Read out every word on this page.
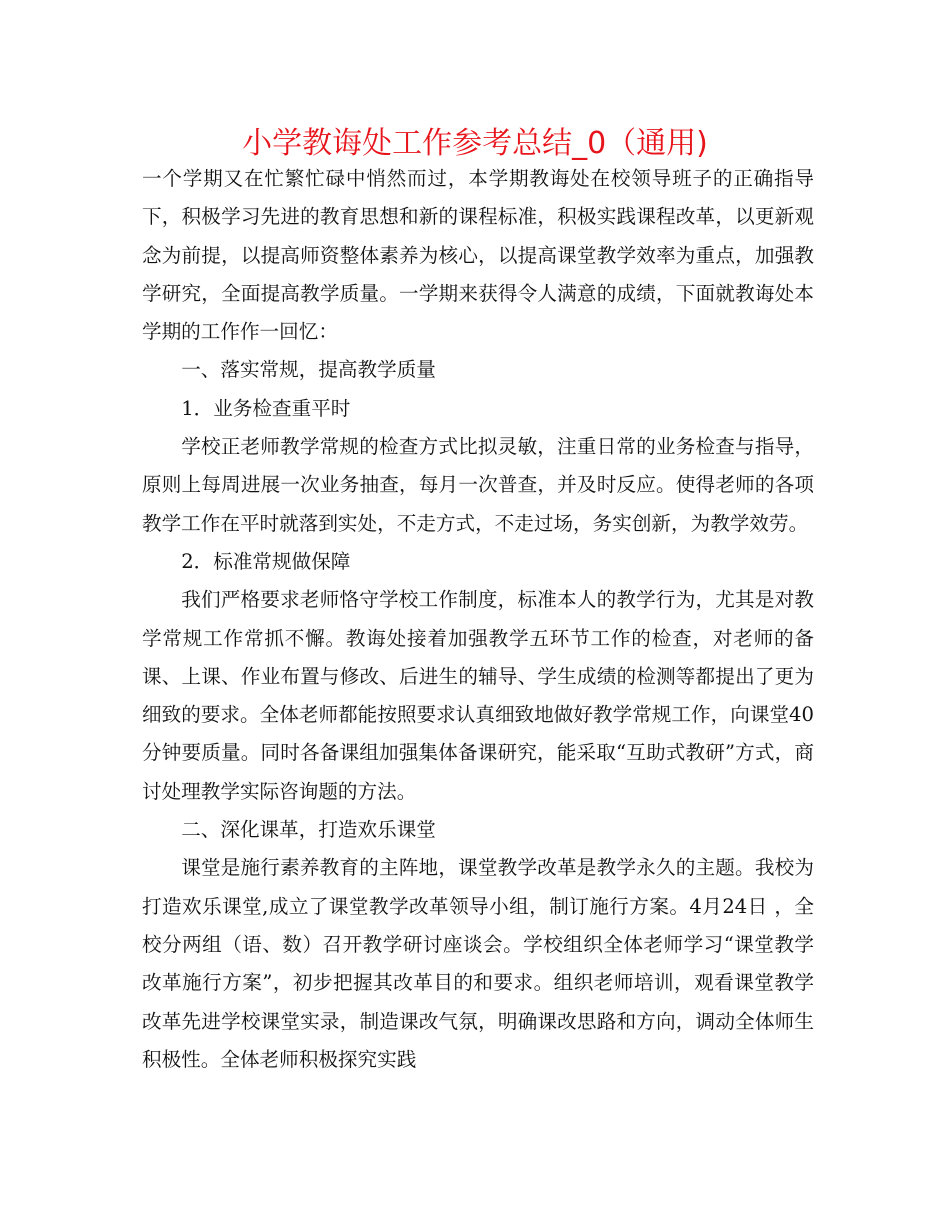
小学教诲处工作参考总结_0（通用)

一个学期又在忙繁忙碌中悄然而过，本学期教诲处在校领导班子的正确指导下，积极学习先进的教育思想和新的课程标准，积极实践课程改革，以更新观念为前提，以提高师资整体素养为核心，以提高课堂教学效率为重点，加强教学研究，全面提高教学质量。一学期来获得令人满意的成绩，下面就教诲处本学期的工作作一回忆：

一、落实常规，提高教学质量

1．业务检查重平时

学校正老师教学常规的检查方式比拟灵敏，注重日常的业务检查与指导，原则上每周进展一次业务抽查，每月一次普查，并及时反应。使得老师的各项教学工作在平时就落到实处，不走方式，不走过场，务实创新，为教学效劳。

2．标准常规做保障

我们严格要求老师恪守学校工作制度，标准本人的教学行为，尤其是对教学常规工作常抓不懈。教诲处接着加强教学五环节工作的检查，对老师的备课、上课、作业布置与修改、后进生的辅导、学生成绩的检测等都提出了更为细致的要求。全体老师都能按照要求认真细致地做好教学常规工作，向课堂40分钟要质量。同时各备课组加强集体备课研究，能采取“互助式教研”方式，商讨处理教学实际咨询题的方法。

二、深化课革，打造欢乐课堂

课堂是施行素养教育的主阵地，课堂教学改革是教学永久的主题。我校为打造欢乐课堂,成立了课堂教学改革领导小组，制订施行方案。4月24日 ，全校分两组（语、数）召开教学研讨座谈会。学校组织全体老师学习“课堂教学改革施行方案”，初步把握其改革目的和要求。组织老师培训，观看课堂教学改革先进学校课堂实录，制造课改气氛，明确课改思路和方向，调动全体师生积极性。全体老师积极探究实践
